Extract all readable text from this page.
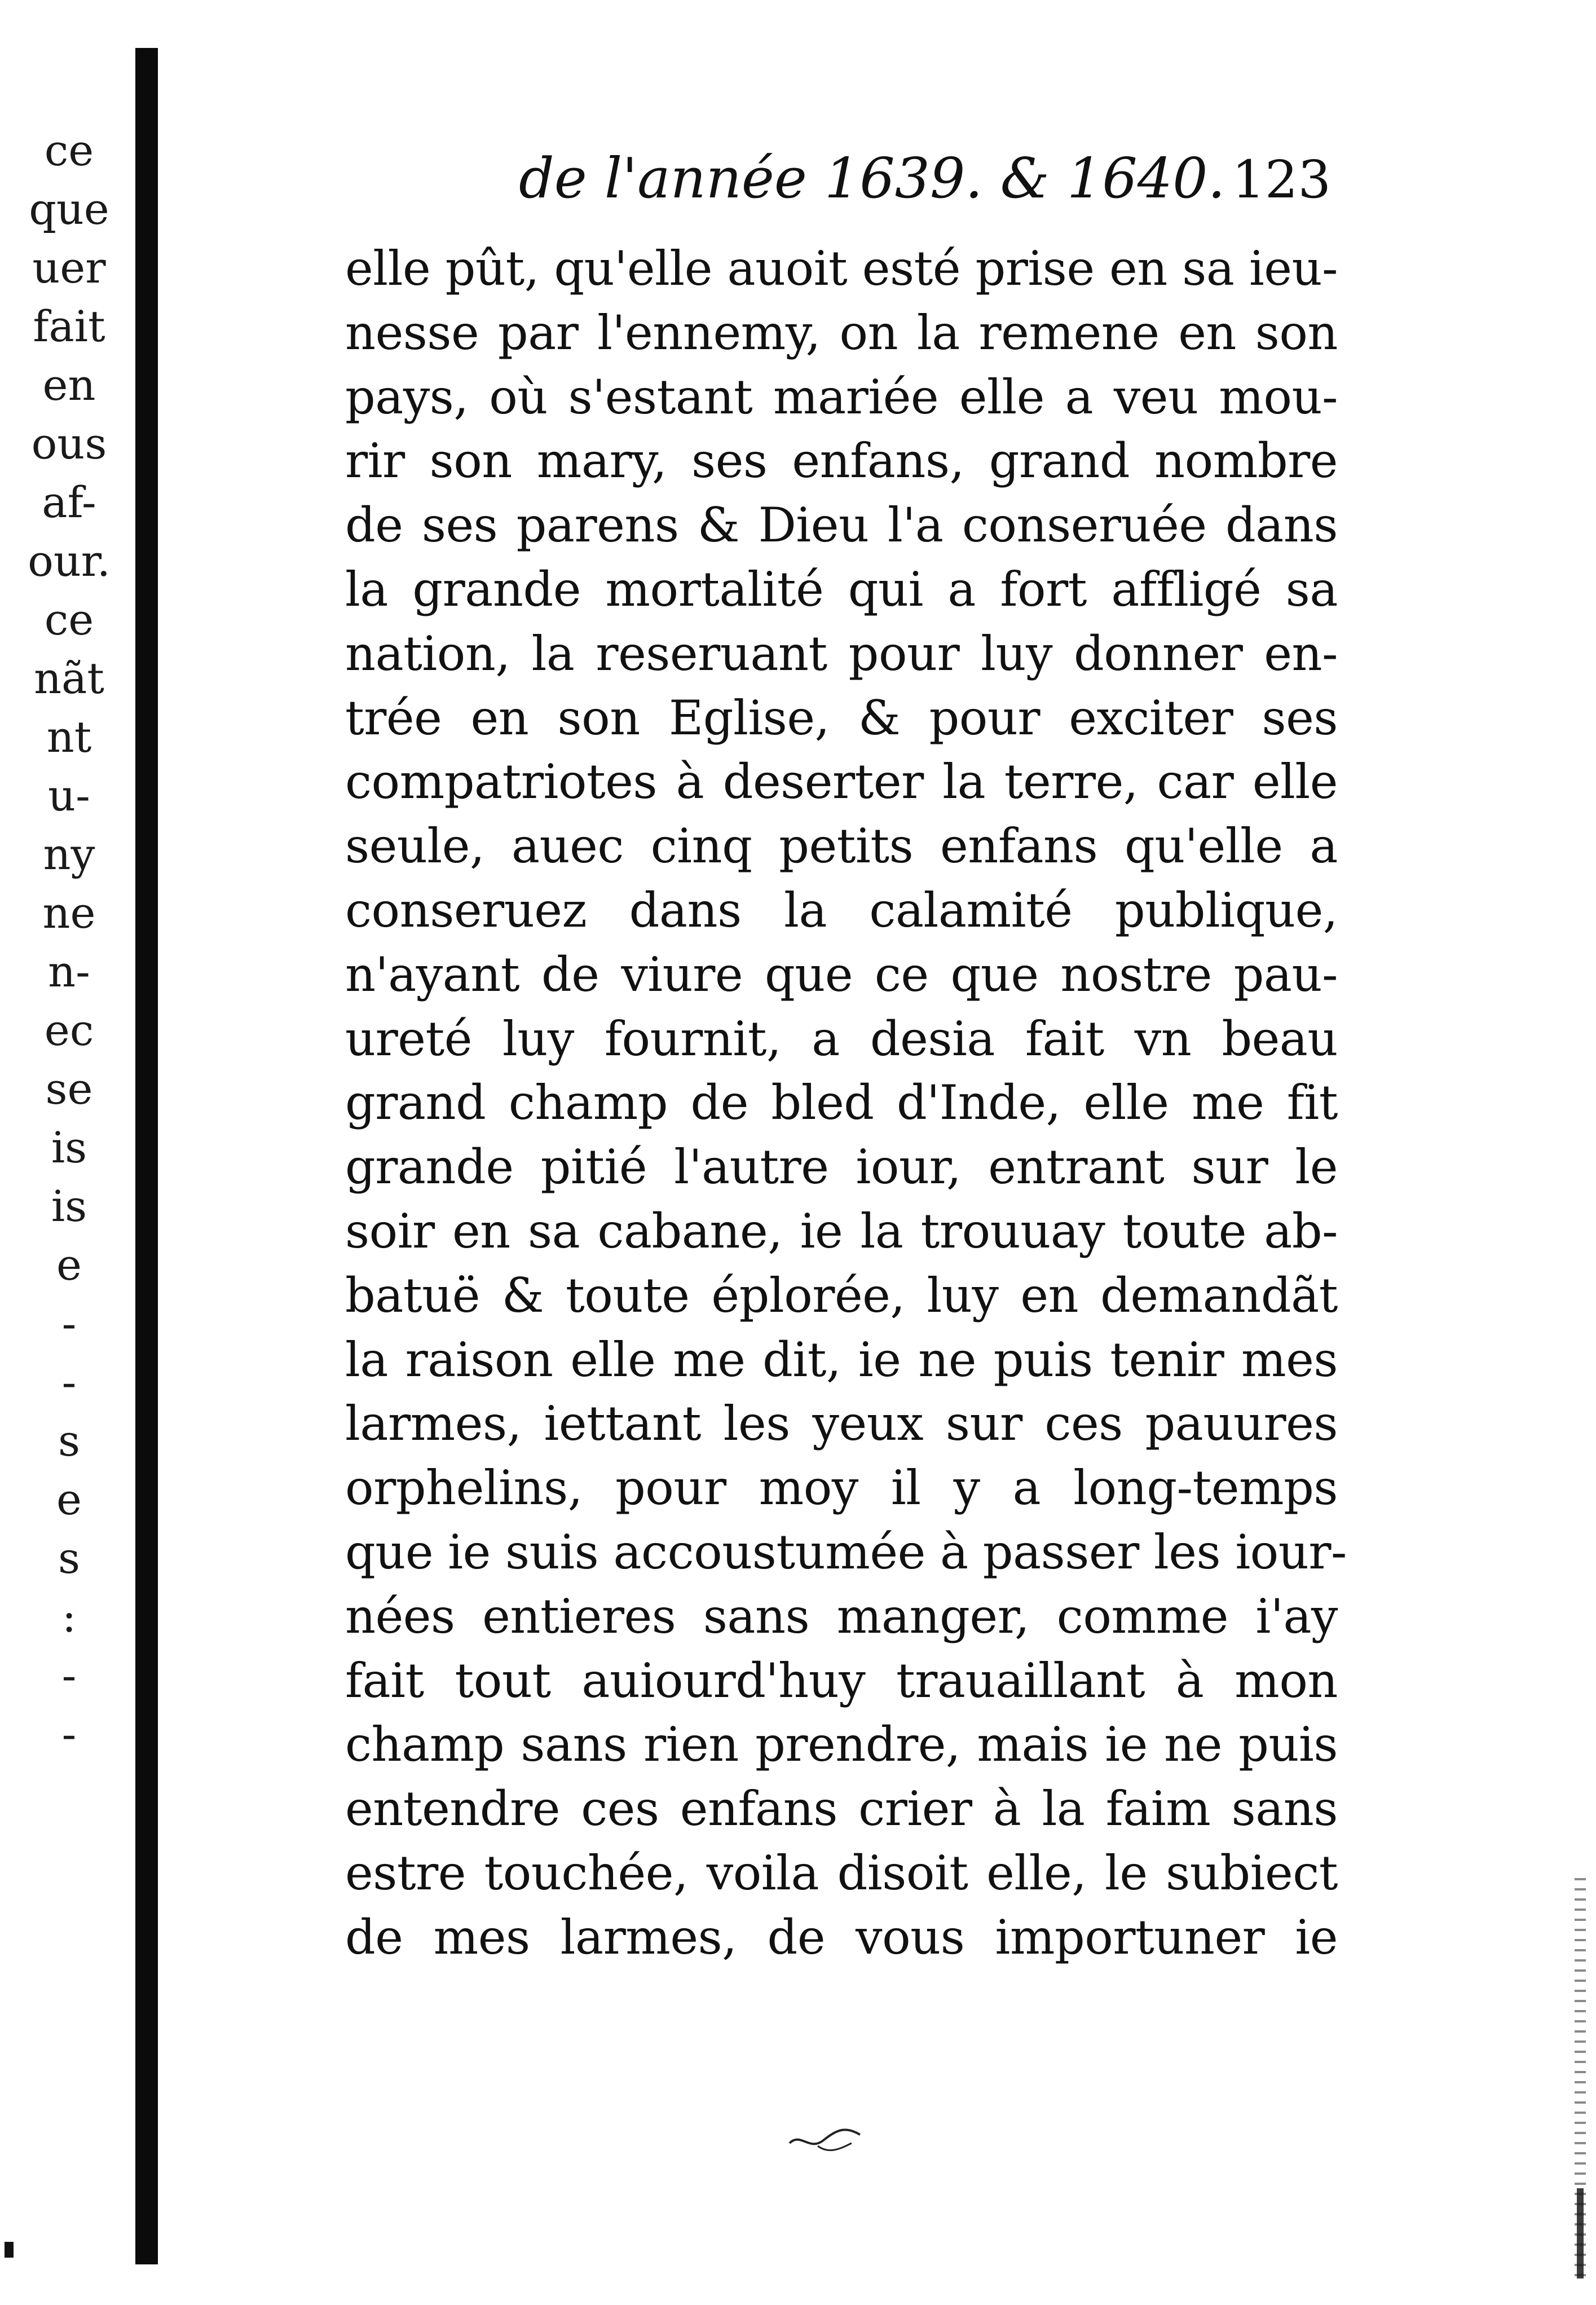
ce
que
uer
fait
en
ous
af-
our.
ce
nãt
nt
u-
ny
ne
n-
ec
se
is
is
e
-
-
s
e
s
:
-
-
de l'année 1639. & 1640. 123
elle pût, qu'elle auoit esté prise en sa ieu-
nesse par l'ennemy, on la remene en son
pays, où s'estant mariée elle a veu mou-
rir son mary, ses enfans, grand nombre
de ses parens & Dieu l'a conseruée dans
la grande mortalité qui a fort affligé sa
nation, la reseruant pour luy donner en-
trée en son Eglise, & pour exciter ses
compatriotes à deserter la terre, car elle
seule, auec cinq petits enfans qu'elle a
conseruez dans la calamité publique,
n'ayant de viure que ce que nostre pau-
ureté luy fournit, a desia fait vn beau
grand champ de bled d'Inde, elle me fit
grande pitié l'autre iour, entrant sur le
soir en sa cabane, ie la trouuay toute ab-
batuë & toute éplorée, luy en demandãt
la raison elle me dit, ie ne puis tenir mes
larmes, iettant les yeux sur ces pauures
orphelins, pour moy il y a long-temps
que ie suis accoustumée à passer les iour-
nées entieres sans manger, comme i'ay
fait tout auiourd'huy trauaillant à mon
champ sans rien prendre, mais ie ne puis
entendre ces enfans crier à la faim sans
estre touchée, voila disoit elle, le subiect
de mes larmes, de vous importuner ie
